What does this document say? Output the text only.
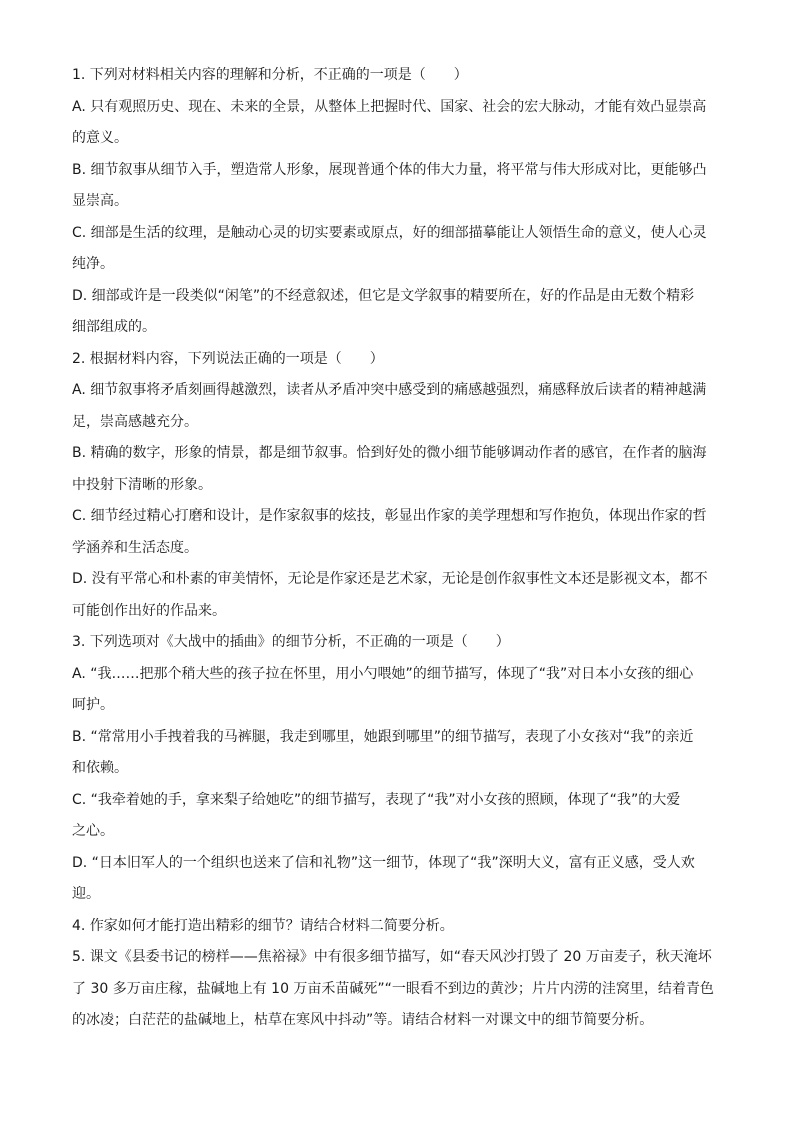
1. 下列对材料相关内容的理解和分析，不正确的一项是（　　）

A. 只有观照历史、现在、未来的全景，从整体上把握时代、国家、社会的宏大脉动，才能有效凸显崇高

的意义。

B. 细节叙事从细节入手，塑造常人形象，展现普通个体的伟大力量，将平常与伟大形成对比，更能够凸

显崇高。

C. 细部是生活的纹理，是触动心灵的切实要素或原点，好的细部描摹能让人领悟生命的意义，使人心灵

纯净。

D. 细部或许是一段类似“闲笔”的不经意叙述，但它是文学叙事的精要所在，好的作品是由无数个精彩

细部组成的。

2. 根据材料内容，下列说法正确的一项是（　　）

A. 细节叙事将矛盾刻画得越激烈，读者从矛盾冲突中感受到的痛感越强烈，痛感释放后读者的精神越满

足，崇高感越充分。

B. 精确的数字，形象的情景，都是细节叙事。恰到好处的微小细节能够调动作者的感官，在作者的脑海

中投射下清晰的形象。

C. 细节经过精心打磨和设计，是作家叙事的炫技，彰显出作家的美学理想和写作抱负，体现出作家的哲

学涵养和生活态度。

D. 没有平常心和朴素的审美情怀，无论是作家还是艺术家，无论是创作叙事性文本还是影视文本，都不

可能创作出好的作品来。

3. 下列选项对《大战中的插曲》的细节分析，不正确的一项是（　　）

A. “我……把那个稍大些的孩子拉在怀里，用小勺喂她”的细节描写，体现了“我”对日本小女孩的细心

呵护。

B. “常常用小手拽着我的马裤腿，我走到哪里，她跟到哪里”的细节描写，表现了小女孩对“我”的亲近

和依赖。

C. “我牵着她的手，拿来梨子给她吃”的细节描写，表现了“我”对小女孩的照顾，体现了“我”的大爱

之心。

D. “日本旧军人的一个组织也送来了信和礼物”这一细节，体现了“我”深明大义，富有正义感，受人欢

迎。

4. 作家如何才能打造出精彩的细节？请结合材料二简要分析。

5. 课文《县委书记的榜样——焦裕禄》中有很多细节描写，如“春天风沙打毁了 20 万亩麦子，秋天淹坏

了 30 多万亩庄稼，盐碱地上有 10 万亩禾苗碱死”“一眼看不到边的黄沙；片片内涝的洼窝里，结着青色

的冰凌；白茫茫的盐碱地上，枯草在寒风中抖动”等。请结合材料一对课文中的细节简要分析。
